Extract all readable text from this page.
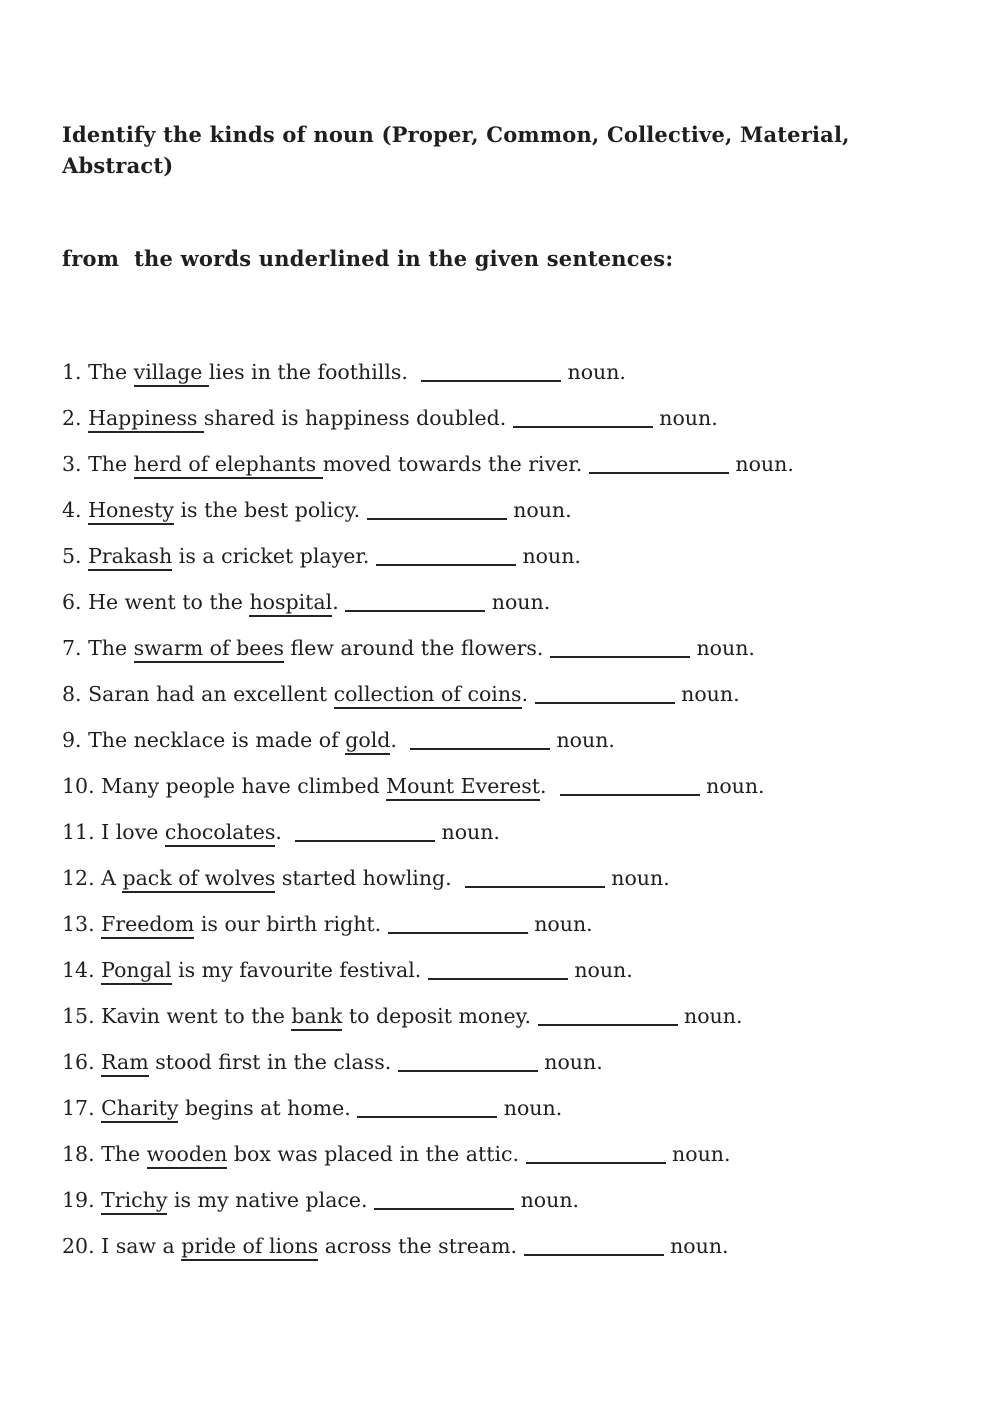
Identify the kinds of noun (Proper, Common, Collective, Material, Abstract)

from  the words underlined in the given sentences:

1. The village lies in the foothills.	noun.

2. Happiness shared is happiness doubled.	noun.

3. The herd of elephants moved towards the river.	noun.

4. Honesty is the best policy.	noun.

5. Prakash is a cricket player.	noun.

6. He went to the hospital.	noun.

7. The swarm of bees flew around the flowers.	noun.

8. Saran had an excellent collection of coins.	noun.

9. The necklace is made of gold.	noun.

10. Many people have climbed Mount Everest.	noun.

11. I love chocolates.	noun.

12. A pack of wolves started howling.	noun.

13. Freedom is our birth right.	noun.

14. Pongal is my favourite festival.	noun.

15. Kavin went to the bank to deposit money.	noun.

16. Ram stood first in the class.	noun.

17. Charity begins at home.	noun.

18. The wooden box was placed in the attic.	noun.

19. Trichy is my native place.	noun.

20. I saw a pride of lions across the stream.	noun.
